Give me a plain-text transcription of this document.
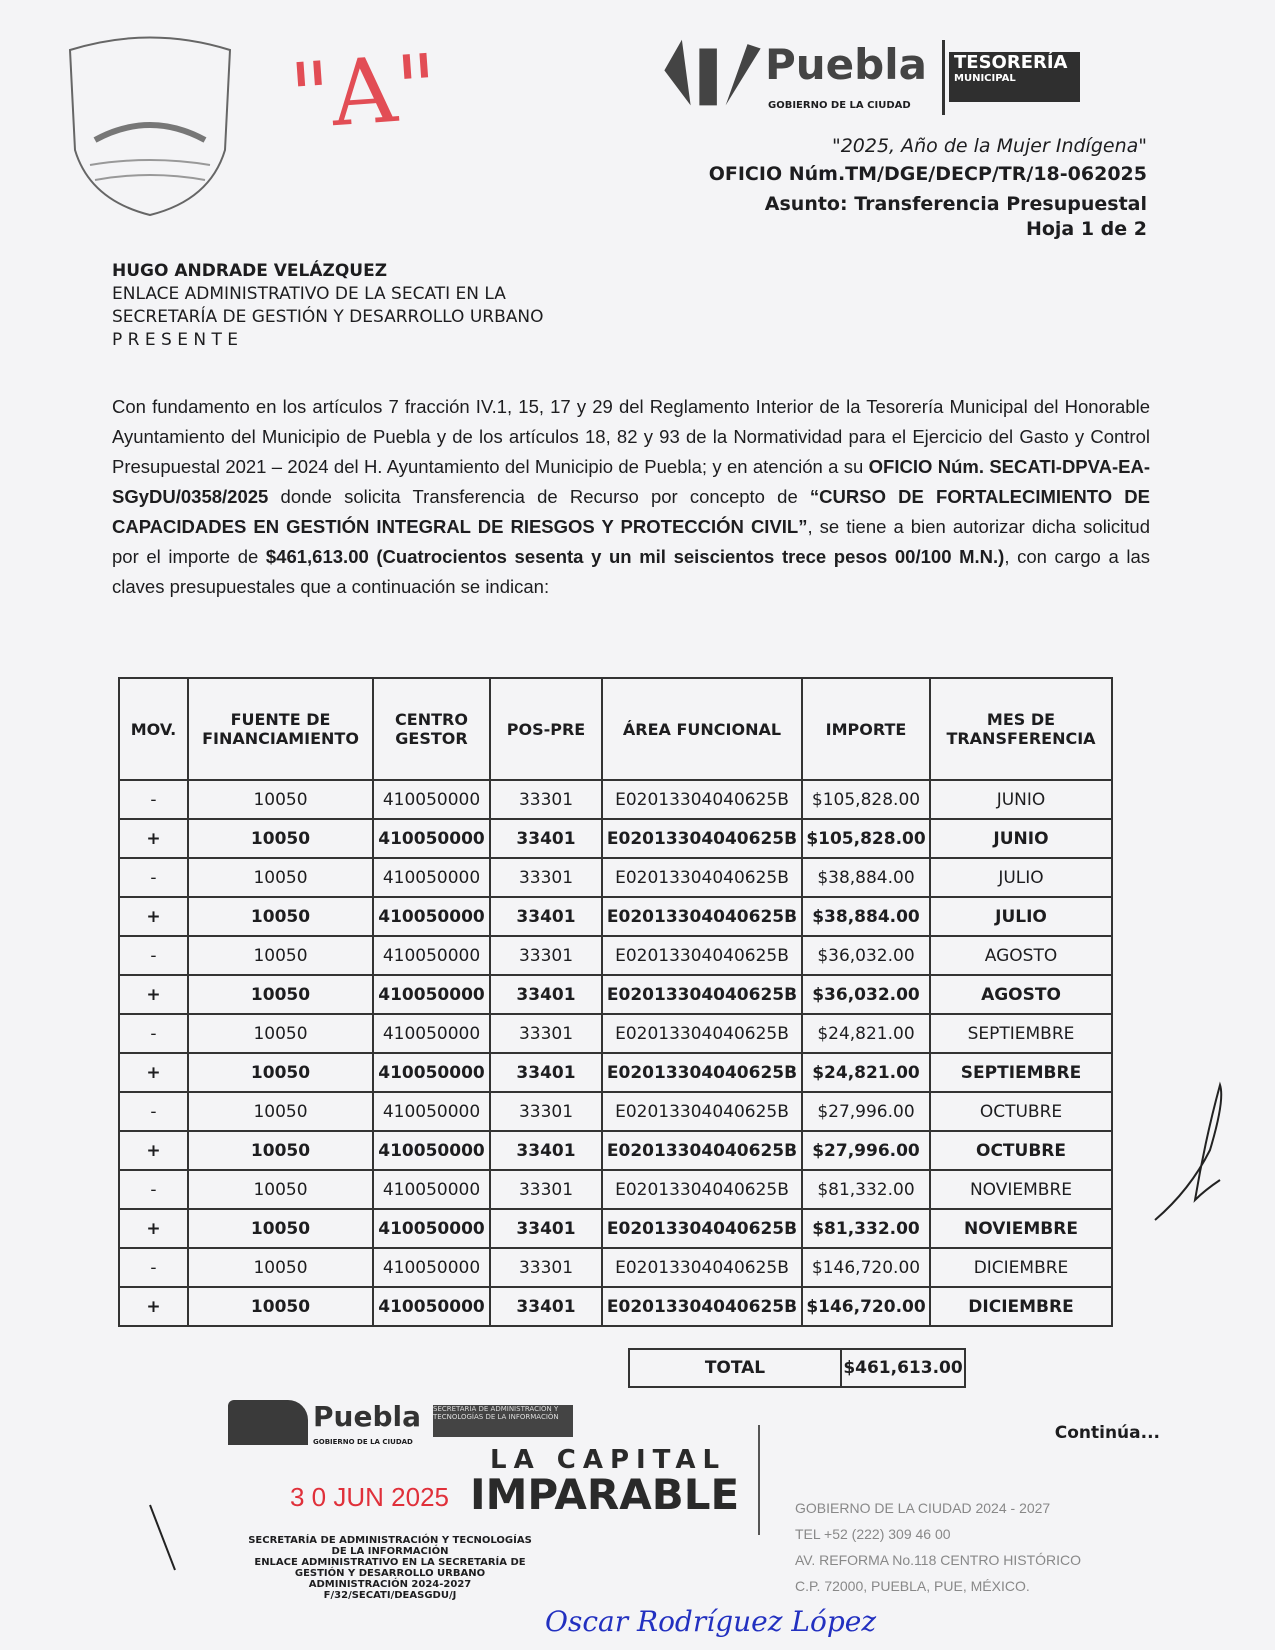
"A"	Puebla
GOBIERNO DE LA CIUDAD
TESORERÍA
MUNICIPAL
"2025, Año de la Mujer Indígena"
OFICIO Núm.TM/DGE/DECP/TR/18-062025
Asunto: Transferencia Presupuestal
Hoja 1 de 2
HUGO ANDRADE VELÁZQUEZ
ENLACE ADMINISTRATIVO DE LA SECATI EN LA
SECRETARÍA DE GESTIÓN Y DESARROLLO URBANO
P R E S E N T E
Con fundamento en los artículos 7 fracción IV.1, 15, 17 y 29 del Reglamento Interior de la Tesorería Municipal del Honorable Ayuntamiento del Municipio de Puebla y de los artículos 18, 82 y 93 de la Normatividad para el Ejercicio del Gasto y Control Presupuestal 2021 – 2024 del H. Ayuntamiento del Municipio de Puebla; y en atención a su OFICIO Núm. SECATI-DPVA-EA-SGyDU/0358/2025 donde solicita Transferencia de Recurso por concepto de “CURSO DE FORTALECIMIENTO DE CAPACIDADES EN GESTIÓN INTEGRAL DE RIESGOS Y PROTECCIÓN CIVIL”, se tiene a bien autorizar dicha solicitud por el importe de $461,613.00 (Cuatrocientos sesenta y un mil seiscientos trece pesos 00/100 M.N.), con cargo a las claves presupuestales que a continuación se indican:
MOV.	FUENTE DE FINANCIAMIENTO	CENTRO GESTOR	POS-PRE	ÁREA FUNCIONAL	IMPORTE	MES DE TRANSFERENCIA
-	10050	410050000	33301	E02013304040625B	$105,828.00	JUNIO
+	10050	410050000	33401	E02013304040625B	$105,828.00	JUNIO
-	10050	410050000	33301	E02013304040625B	$38,884.00	JULIO
+	10050	410050000	33401	E02013304040625B	$38,884.00	JULIO
-	10050	410050000	33301	E02013304040625B	$36,032.00	AGOSTO
+	10050	410050000	33401	E02013304040625B	$36,032.00	AGOSTO
-	10050	410050000	33301	E02013304040625B	$24,821.00	SEPTIEMBRE
+	10050	410050000	33401	E02013304040625B	$24,821.00	SEPTIEMBRE
-	10050	410050000	33301	E02013304040625B	$27,996.00	OCTUBRE
+	10050	410050000	33401	E02013304040625B	$27,996.00	OCTUBRE
-	10050	410050000	33301	E02013304040625B	$81,332.00	NOVIEMBRE
+	10050	410050000	33401	E02013304040625B	$81,332.00	NOVIEMBRE
-	10050	410050000	33301	E02013304040625B	$146,720.00	DICIEMBRE
+	10050	410050000	33401	E02013304040625B	$146,720.00	DICIEMBRE
TOTAL	$461,613.00
Continúa...
Puebla
GOBIERNO DE LA CIUDAD
SECRETARÍA DE ADMINISTRACIÓN Y TECNOLOGÍAS DE LA INFORMACIÓN
LA CAPITAL
IMPARABLE
3 0 JUN 2025
SECRETARÍA DE ADMINISTRACIÓN Y TECNOLOGÍAS
DE LA INFORMACIÓN
ENLACE ADMINISTRATIVO EN LA SECRETARÍA DE
GESTIÓN Y DESARROLLO URBANO
ADMINISTRACIÓN 2024-2027
F/32/SECATI/DEASGDU/J
Oscar Rodríguez López
GOBIERNO DE LA CIUDAD 2024 - 2027
TEL +52 (222) 309 46 00
AV. REFORMA No.118 CENTRO HISTÓRICO
C.P. 72000, PUEBLA, PUE, MÉXICO.
